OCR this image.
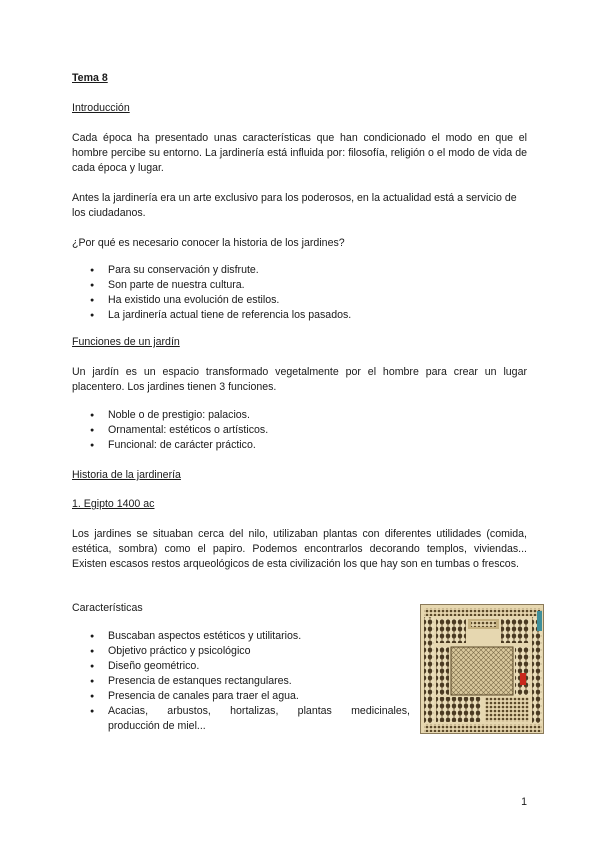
Tema 8

Introducción

Cada época ha presentado unas características que han condicionado el modo en que el hombre percibe su entorno. La jardinería está influida por: filosofía, religión o el modo de vida de cada época y lugar.

Antes la jardinería era un arte exclusivo para los poderosos, en la actualidad está a servicio de los ciudadanos.

¿Por qué es necesario conocer la historia de los jardines?

● Para su conservación y disfrute.
● Son parte de nuestra cultura.
● Ha existido una evolución de estilos.
● La jardinería actual tiene de referencia los pasados.

Funciones de un jardín

Un jardín es un espacio transformado vegetalmente por el hombre para crear un lugar placentero. Los jardines tienen 3 funciones.

● Noble o de prestigio: palacios.
● Ornamental: estéticos o artísticos.
● Funcional: de carácter práctico.

Historia de la jardinería

1. Egipto 1400 ac

Los jardines se situaban cerca del nilo, utilizaban plantas con diferentes utilidades (comida, estética, sombra) como el papiro. Podemos encontrarlos decorando templos, viviendas... Existen escasos restos arqueológicos de esta civilización los que hay son en tumbas o frescos.

Características

● Buscaban aspectos estéticos y utilitarios.
● Objetivo práctico y psicológico
● Diseño geométrico.
● Presencia de estanques rectangulares.
● Presencia de canales para traer el agua.
● Acacias, arbustos, hortalizas, plantas medicinales,
producción de miel...
1
